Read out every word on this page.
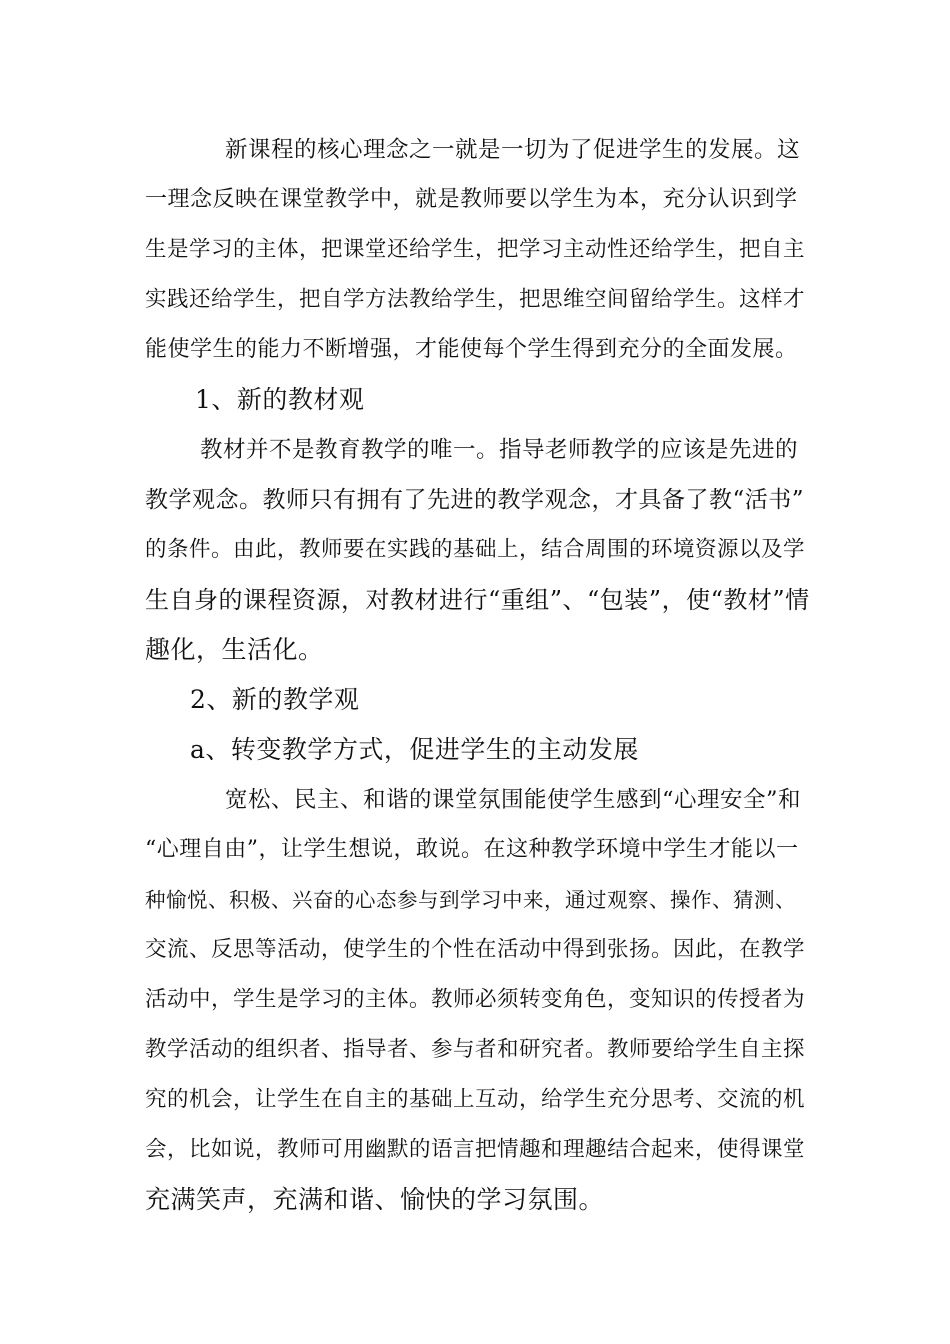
新课程的核心理念之一就是一切为了促进学生的发展。这
一理念反映在课堂教学中，就是教师要以学生为本，充分认识到学
生是学习的主体，把课堂还给学生，把学习主动性还给学生，把自主
实践还给学生，把自学方法教给学生，把思维空间留给学生。这样才
能使学生的能力不断增强，才能使每个学生得到充分的全面发展。
1、新的教材观
教材并不是教育教学的唯一。指导老师教学的应该是先进的
教学观念。教师只有拥有了先进的教学观念，才具备了教“活书”
的条件。由此，教师要在实践的基础上，结合周围的环境资源以及学
生自身的课程资源，对教材进行“重组”、“包装”，使“教材”情
趣化，生活化。
2、新的教学观
a、转变教学方式，促进学生的主动发展
宽松、民主、和谐的课堂氛围能使学生感到“心理安全”和
“心理自由”，让学生想说，敢说。在这种教学环境中学生才能以一
种愉悦、积极、兴奋的心态参与到学习中来，通过观察、操作、猜测、
交流、反思等活动，使学生的个性在活动中得到张扬。因此，在教学
活动中，学生是学习的主体。教师必须转变角色，变知识的传授者为
教学活动的组织者、指导者、参与者和研究者。教师要给学生自主探
究的机会，让学生在自主的基础上互动，给学生充分思考、交流的机
会，比如说，教师可用幽默的语言把情趣和理趣结合起来，使得课堂
充满笑声，充满和谐、愉快的学习氛围。
